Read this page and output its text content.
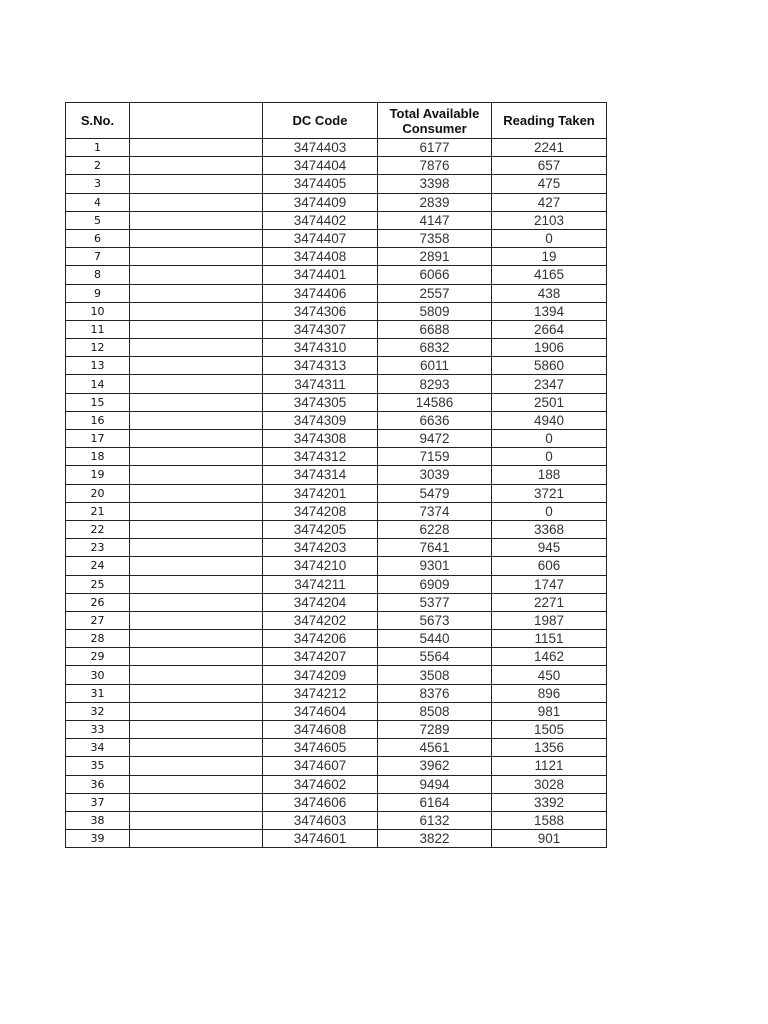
S.No.		DC Code	Total Available Consumer	Reading Taken
1		3474403	6177	2241
2		3474404	7876	657
3		3474405	3398	475
4		3474409	2839	427
5		3474402	4147	2103
6		3474407	7358	0
7		3474408	2891	19
8		3474401	6066	4165
9		3474406	2557	438
10		3474306	5809	1394
11		3474307	6688	2664
12		3474310	6832	1906
13		3474313	6011	5860
14		3474311	8293	2347
15		3474305	14586	2501
16		3474309	6636	4940
17		3474308	9472	0
18		3474312	7159	0
19		3474314	3039	188
20		3474201	5479	3721
21		3474208	7374	0
22		3474205	6228	3368
23		3474203	7641	945
24		3474210	9301	606
25		3474211	6909	1747
26		3474204	5377	2271
27		3474202	5673	1987
28		3474206	5440	1151
29		3474207	5564	1462
30		3474209	3508	450
31		3474212	8376	896
32		3474604	8508	981
33		3474608	7289	1505
34		3474605	4561	1356
35		3474607	3962	1121
36		3474602	9494	3028
37		3474606	6164	3392
38		3474603	6132	1588
39		3474601	3822	901
